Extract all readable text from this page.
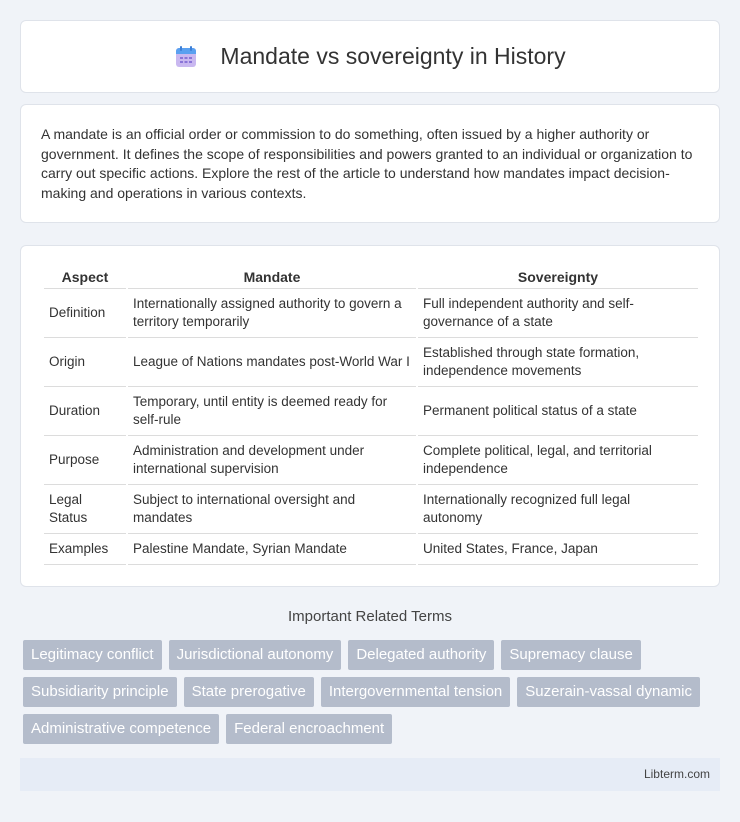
Mandate vs sovereignty in History

A mandate is an official order or commission to do something, often issued by a higher authority or government. It defines the scope of responsibilities and powers granted to an individual or organization to carry out specific actions. Explore the rest of the article to understand how mandates impact decision-making and operations in various contexts.

Aspect	Mandate	Sovereignty
Definition	Internationally assigned authority to govern a territory temporarily	Full independent authority and self-governance of a state
Origin	League of Nations mandates post-World War I	Established through state formation, independence movements
Duration	Temporary, until entity is deemed ready for self-rule	Permanent political status of a state
Purpose	Administration and development under international supervision	Complete political, legal, and territorial independence
Legal Status	Subject to international oversight and mandates	Internationally recognized full legal autonomy
Examples	Palestine Mandate, Syrian Mandate	United States, France, Japan
Important Related Terms
Legitimacy conflict	Jurisdictional autonomy	Delegated authority	Supremacy clause
Subsidiarity principle	State prerogative	Intergovernmental tension	Suzerain-vassal dynamic
Administrative competence	Federal encroachment
Libterm.com
